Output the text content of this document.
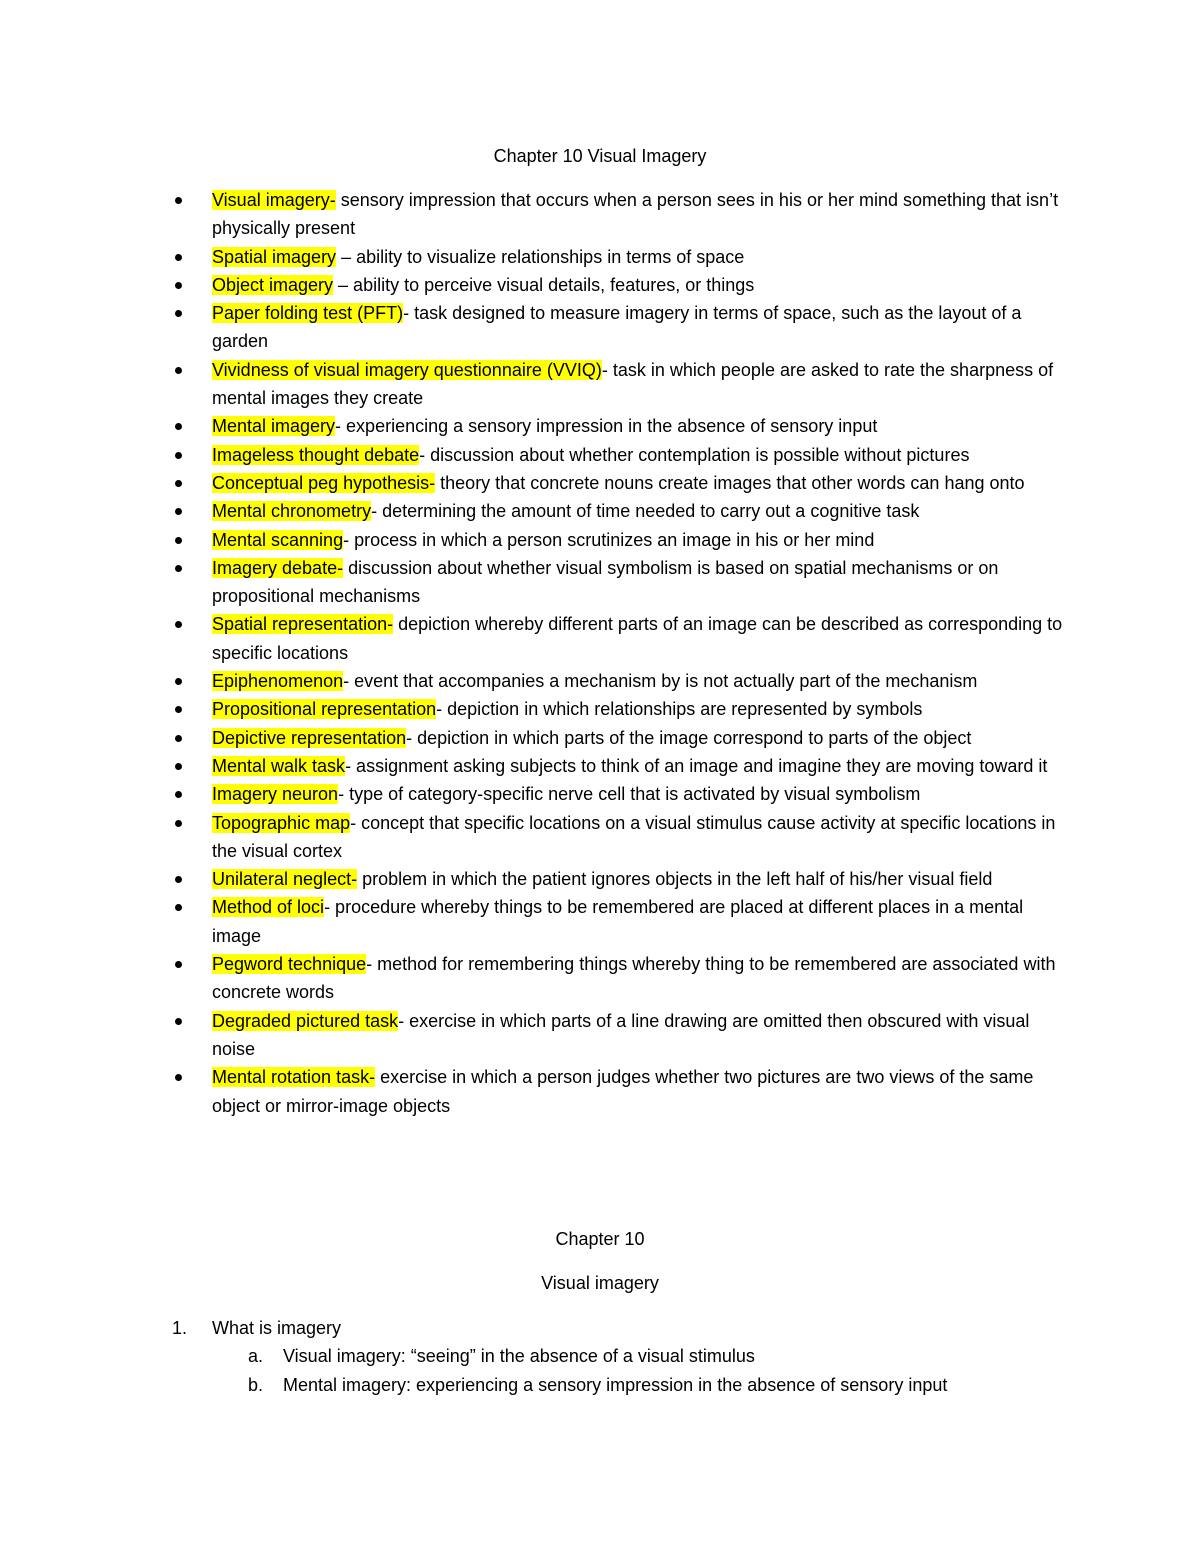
Chapter 10 Visual Imagery
Visual imagery- sensory impression that occurs when a person sees in his or her mind something that isn’t physically present
Spatial imagery – ability to visualize relationships in terms of space
Object imagery – ability to perceive visual details, features, or things
Paper folding test (PFT)- task designed to measure imagery in terms of space, such as the layout of a garden
Vividness of visual imagery questionnaire (VVIQ)- task in which people are asked to rate the sharpness of mental images they create
Mental imagery- experiencing a sensory impression in the absence of sensory input
Imageless thought debate- discussion about whether contemplation is possible without pictures
Conceptual peg hypothesis- theory that concrete nouns create images that other words can hang onto
Mental chronometry- determining the amount of time needed to carry out a cognitive task
Mental scanning- process in which a person scrutinizes an image in his or her mind
Imagery debate- discussion about whether visual symbolism is based on spatial mechanisms or on propositional mechanisms
Spatial representation- depiction whereby different parts of an image can be described as corresponding to specific locations
Epiphenomenon- event that accompanies a mechanism by is not actually part of the mechanism
Propositional representation- depiction in which relationships are represented by symbols
Depictive representation- depiction in which parts of the image correspond to parts of the object
Mental walk task- assignment asking subjects to think of an image and imagine they are moving toward it
Imagery neuron- type of category-specific nerve cell that is activated by visual symbolism
Topographic map- concept that specific locations on a visual stimulus cause activity at specific locations in the visual cortex
Unilateral neglect- problem in which the patient ignores objects in the left half of his/her visual field
Method of loci- procedure whereby things to be remembered are placed at different places in a mental image
Pegword technique- method for remembering things whereby thing to be remembered are associated with concrete words
Degraded pictured task- exercise in which parts of a line drawing are omitted then obscured with visual noise
Mental rotation task- exercise in which a person judges whether two pictures are two views of the same object or mirror-image objects
Chapter 10
Visual imagery
1. What is imagery
a. Visual imagery: “seeing” in the absence of a visual stimulus
b. Mental imagery: experiencing a sensory impression in the absence of sensory input
